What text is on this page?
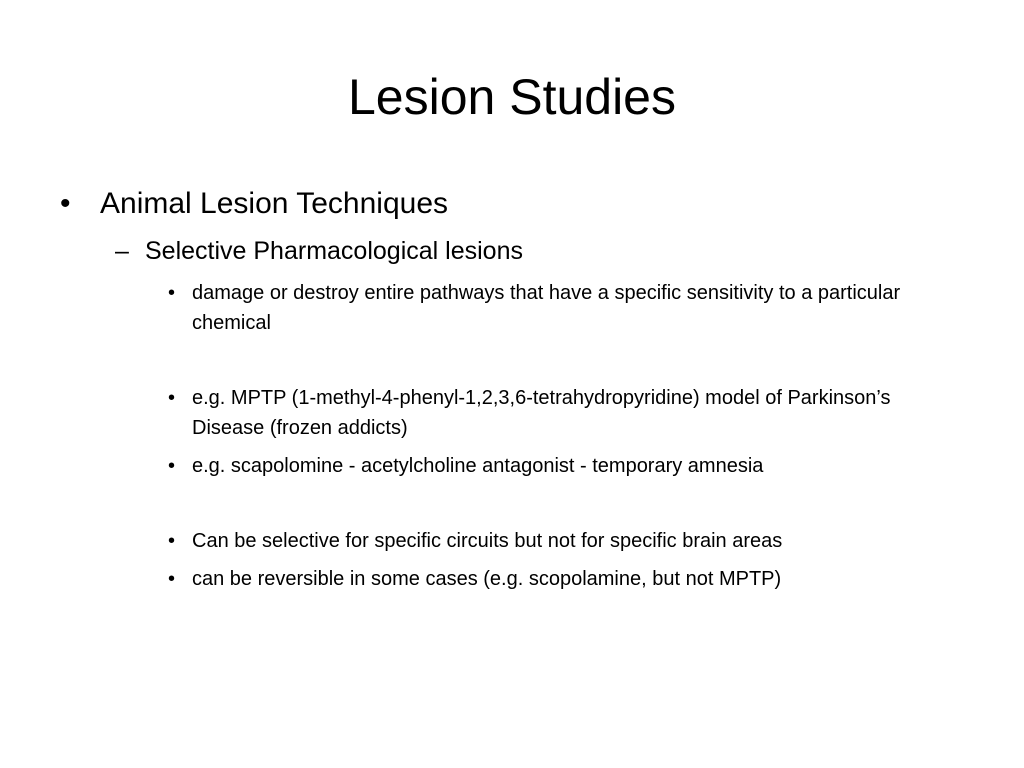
Lesion Studies
• Animal Lesion Techniques
– Selective Pharmacological lesions
• damage or destroy entire pathways that have a specific sensitivity to a particular chemical
• e.g. MPTP (1-methyl-4-phenyl-1,2,3,6-tetrahydropyridine) model of Parkinson’s Disease (frozen addicts)
• e.g. scapolomine - acetylcholine antagonist - temporary amnesia
• Can be selective for specific circuits but not for specific brain areas
• can be reversible in some cases (e.g. scopolamine, but not MPTP)
